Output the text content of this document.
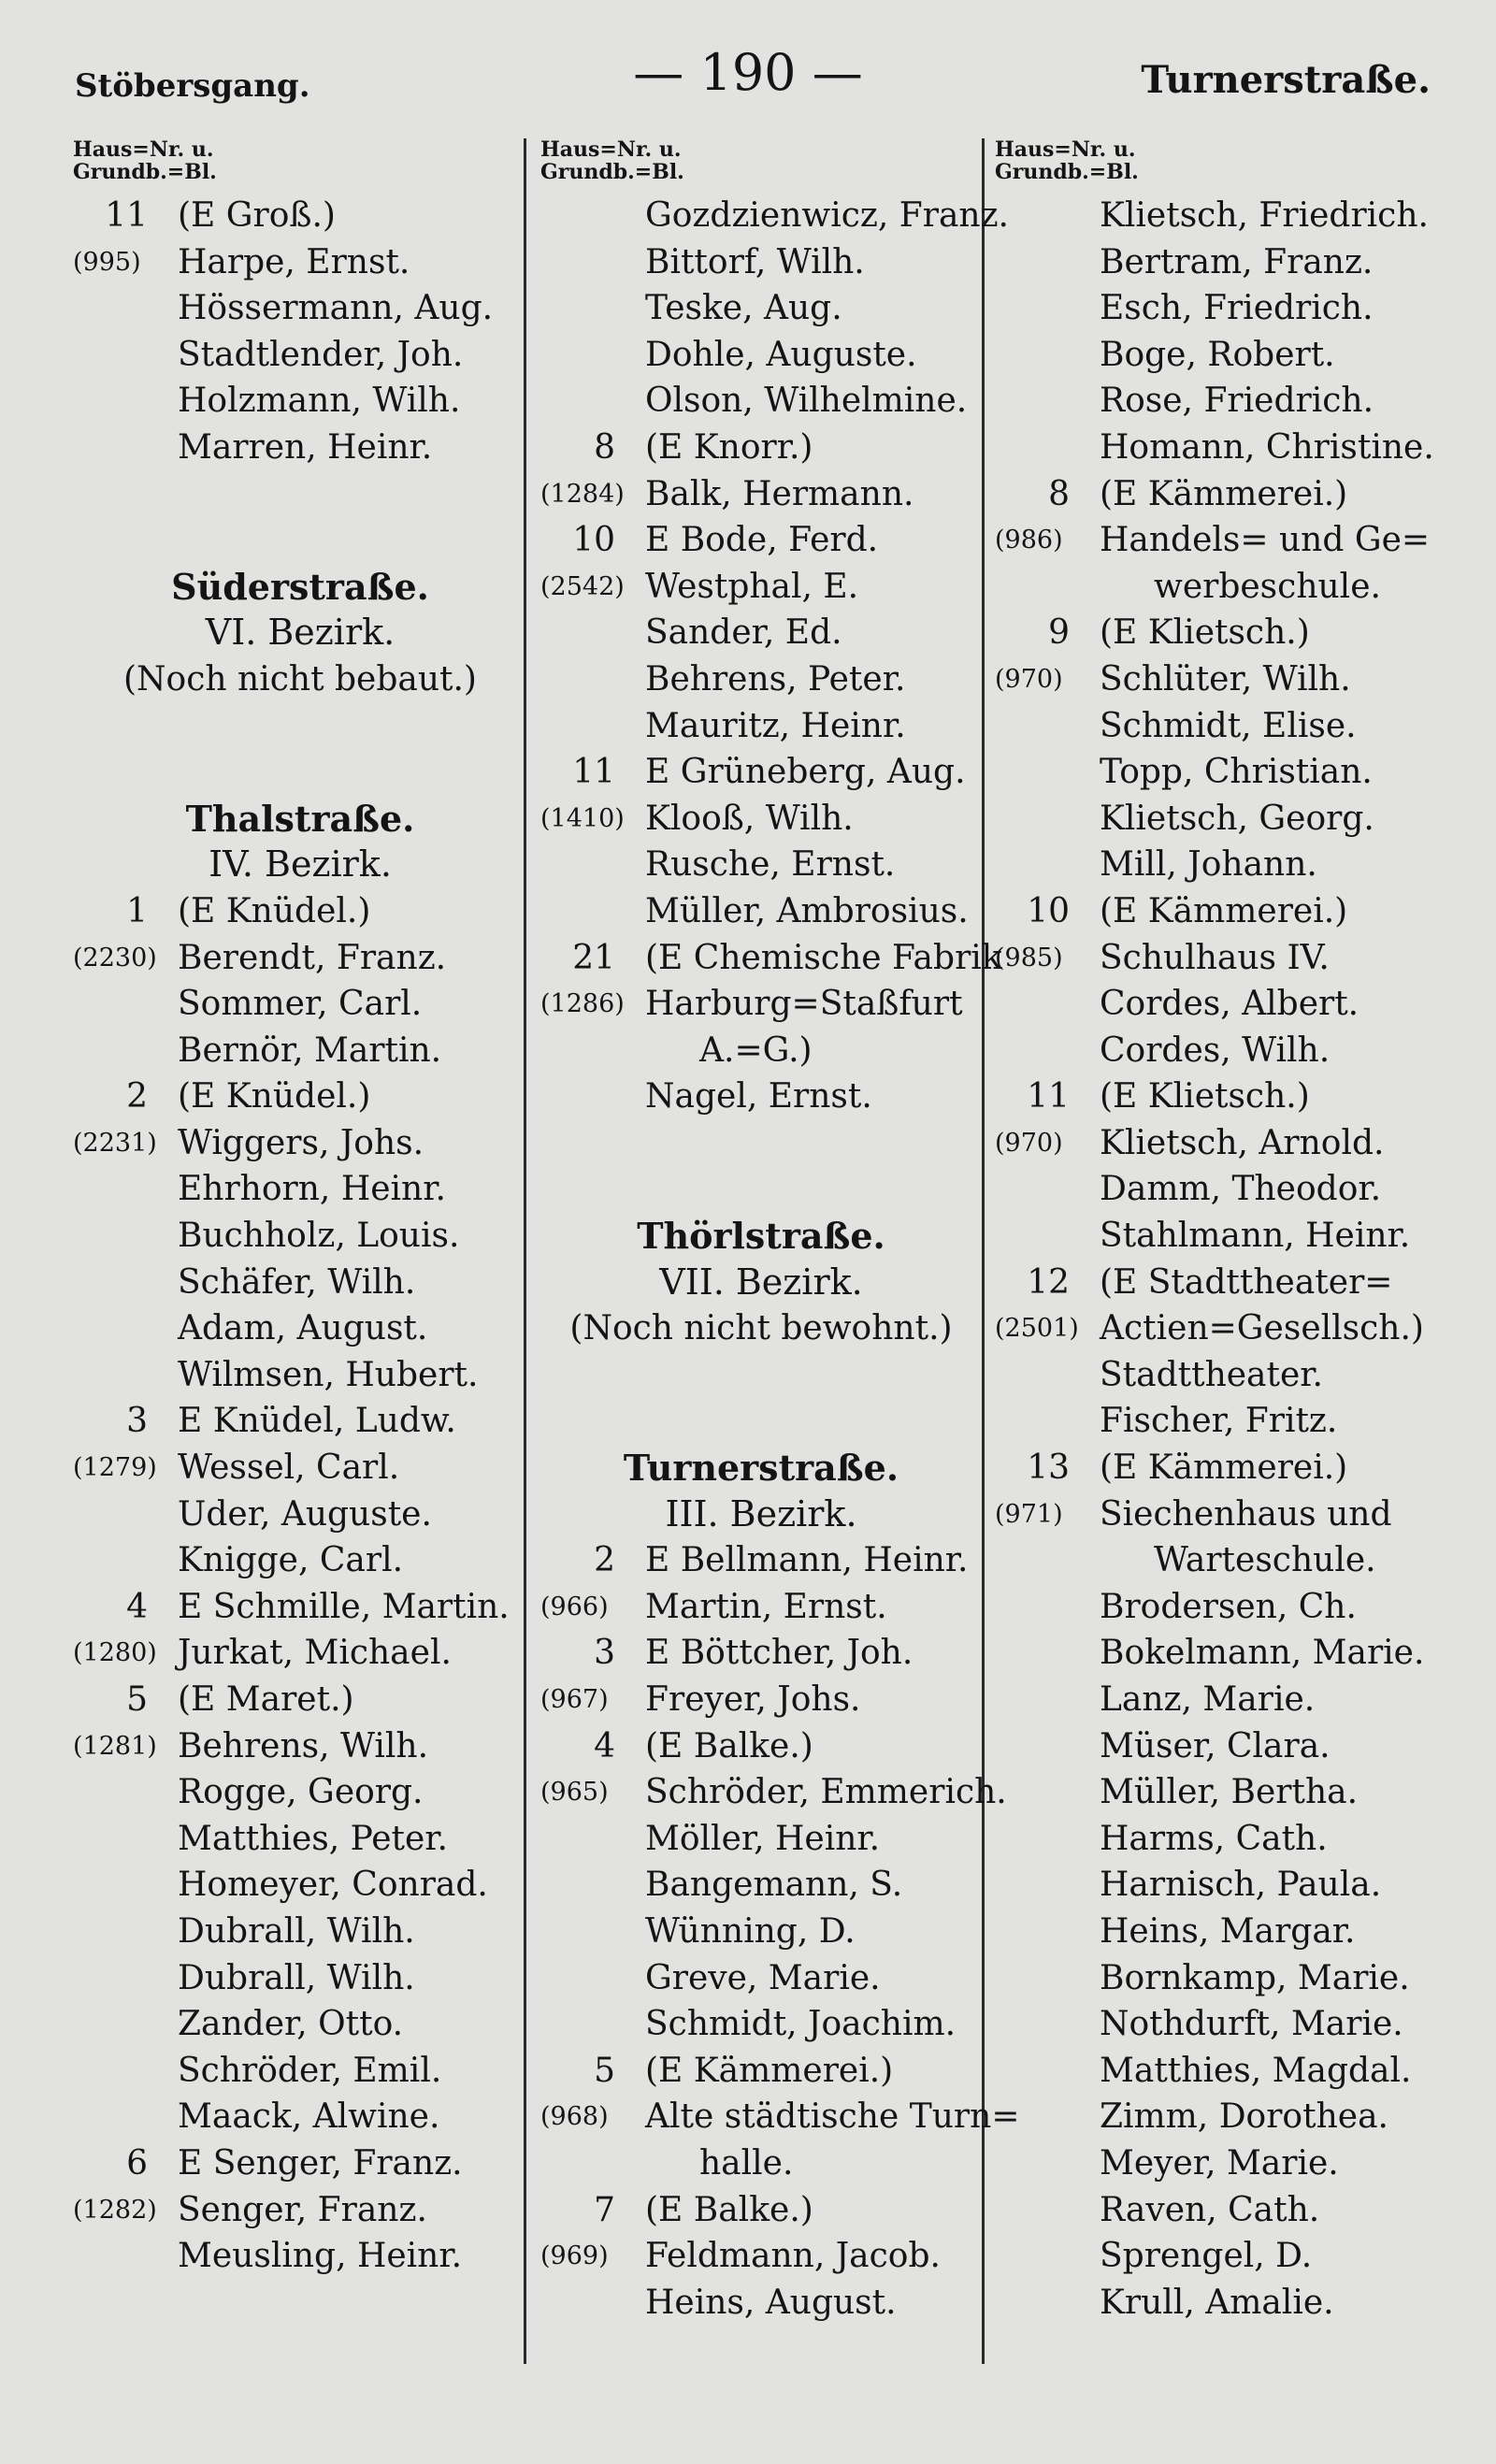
Stöbersgang.	— 190 —	Turnerstraße.
Haus=Nr. u.
Grundb.=Bl.
11 (E Groß.)
(995) Harpe, Ernst.
Hössermann, Aug.
Stadtlender, Joh.
Holzmann, Wilh.
Marren, Heinr.
Süderstraße.
VI. Bezirk.
(Noch nicht bebaut.)
Thalstraße.
IV. Bezirk.
1 (E Knüdel.)
(2230) Berendt, Franz.
Sommer, Carl.
Bernör, Martin.
2 (E Knüdel.)
(2231) Wiggers, Johs.
Ehrhorn, Heinr.
Buchholz, Louis.
Schäfer, Wilh.
Adam, August.
Wilmsen, Hubert.
3 E Knüdel, Ludw.
(1279) Wessel, Carl.
Uder, Auguste.
Knigge, Carl.
4 E Schmille, Martin.
(1280) Jurkat, Michael.
5 (E Maret.)
(1281) Behrens, Wilh.
Rogge, Georg.
Matthies, Peter.
Homeyer, Conrad.
Dubrall, Wilh.
Dubrall, Wilh.
Zander, Otto.
Schröder, Emil.
Maack, Alwine.
6 E Senger, Franz.
(1282) Senger, Franz.
Meusling, Heinr.
Haus=Nr. u.
Grundb.=Bl.
Gozdzienwicz, Franz.
Bittorf, Wilh.
Teske, Aug.
Dohle, Auguste.
Olson, Wilhelmine.
8 (E Knorr.)
(1284) Balk, Hermann.
10 E Bode, Ferd.
(2542) Westphal, E.
Sander, Ed.
Behrens, Peter.
Mauritz, Heinr.
11 E Grüneberg, Aug.
(1410) Klooß, Wilh.
Rusche, Ernst.
Müller, Ambrosius.
21 (E Chemische Fabrik
(1286) Harburg=Staßfurt
A.=G.)
Nagel, Ernst.
Thörlstraße.
VII. Bezirk.
(Noch nicht bewohnt.)
Turnerstraße.
III. Bezirk.
2 E Bellmann, Heinr.
(966) Martin, Ernst.
3 E Böttcher, Joh.
(967) Freyer, Johs.
4 (E Balke.)
(965) Schröder, Emmerich.
Möller, Heinr.
Bangemann, S.
Wünning, D.
Greve, Marie.
Schmidt, Joachim.
5 (E Kämmerei.)
(968) Alte städtische Turn=
halle.
7 (E Balke.)
(969) Feldmann, Jacob.
Heins, August.
Haus=Nr. u.
Grundb.=Bl.
Klietsch, Friedrich.
Bertram, Franz.
Esch, Friedrich.
Boge, Robert.
Rose, Friedrich.
Homann, Christine.
8 (E Kämmerei.)
(986) Handels= und Ge=
werbeschule.
9 (E Klietsch.)
(970) Schlüter, Wilh.
Schmidt, Elise.
Topp, Christian.
Klietsch, Georg.
Mill, Johann.
10 (E Kämmerei.)
(985) Schulhaus IV.
Cordes, Albert.
Cordes, Wilh.
11 (E Klietsch.)
(970) Klietsch, Arnold.
Damm, Theodor.
Stahlmann, Heinr.
12 (E Stadttheater=
(2501) Actien=Gesellsch.)
Stadttheater.
Fischer, Fritz.
13 (E Kämmerei.)
(971) Siechenhaus und
Warteschule.
Brodersen, Ch.
Bokelmann, Marie.
Lanz, Marie.
Müser, Clara.
Müller, Bertha.
Harms, Cath.
Harnisch, Paula.
Heins, Margar.
Bornkamp, Marie.
Nothdurft, Marie.
Matthies, Magdal.
Zimm, Dorothea.
Meyer, Marie.
Raven, Cath.
Sprengel, D.
Krull, Amalie.
